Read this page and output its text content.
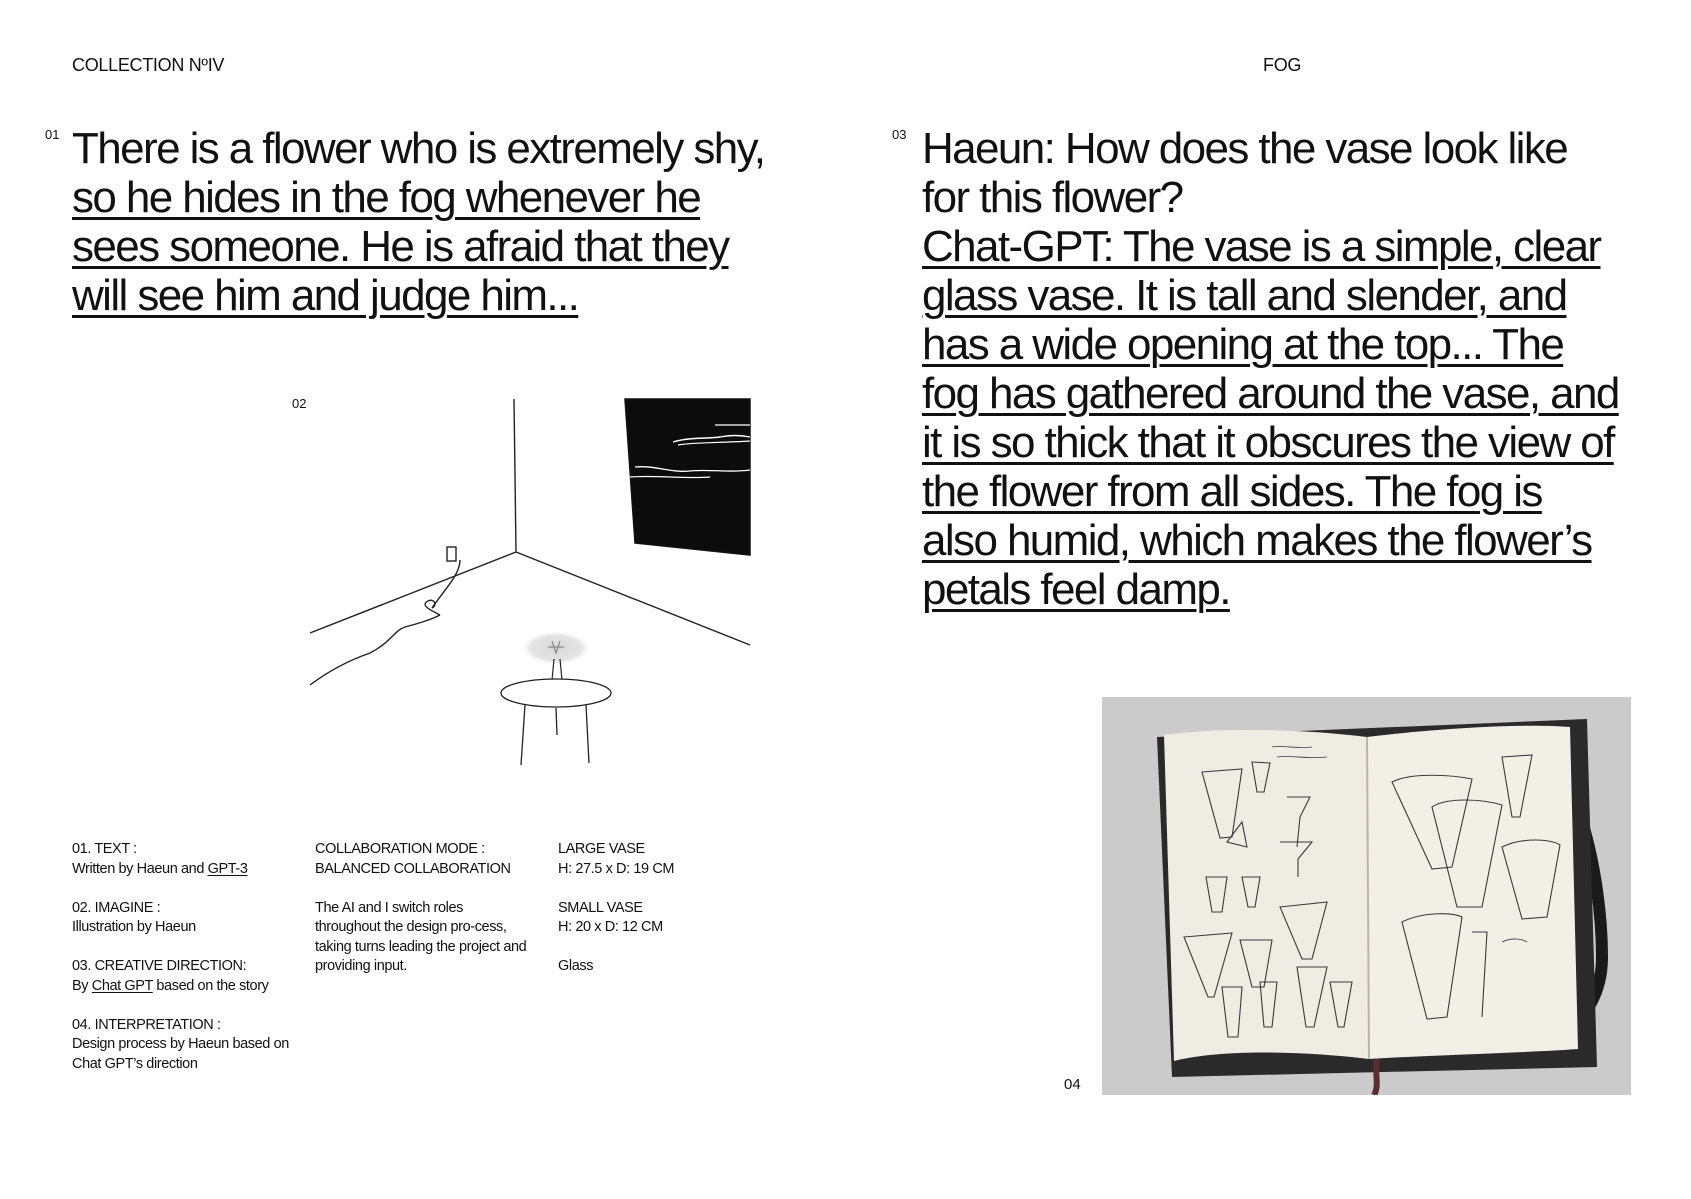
COLLECTION NºIV	FOG
01 There is a flower who is extremely shy, so he hides in the fog whenever he sees someone. He is afraid that they will see him and judge him...
02

01. TEXT :
Written by Haeun and GPT-3

02. IMAGINE :
Illustration by Haeun

03. CREATIVE DIRECTION:
By Chat GPT based on the story

04. INTERPRETATION :
Design process by Haeun based on Chat GPT’s direction

COLLABORATION MODE :
BALANCED COLLABORATION

The AI and I switch roles throughout the design pro-cess, taking turns leading the project and providing input.

LARGE VASE
H: 27.5 x D: 19 CM

SMALL VASE
H: 20 x D: 12 CM

Glass

03 Haeun: How does the vase look like for this flower?
Chat-GPT: The vase is a simple, clear glass vase. It is tall and slender, and has a wide opening at the top... The fog has gathered around the vase, and it is so thick that it obscures the view of the flower from all sides. The fog is also humid, which makes the flower’s petals feel damp.
04
